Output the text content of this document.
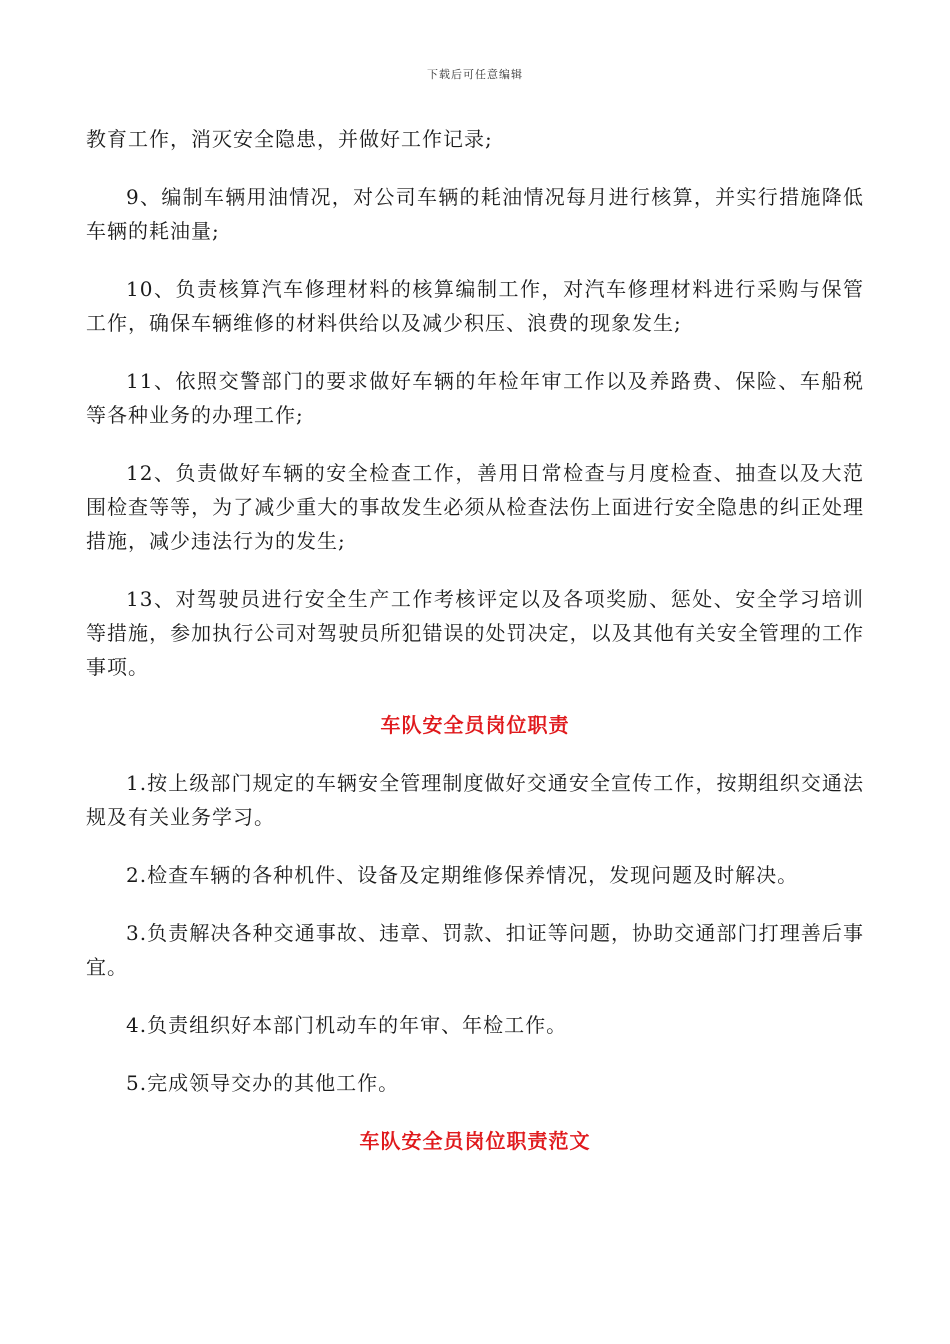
下载后可任意编辑

教育工作，消灭安全隐患，并做好工作记录;

9、编制车辆用油情况，对公司车辆的耗油情况每月进行核算，并实行措施降低车辆的耗油量;

10、负责核算汽车修理材料的核算编制工作，对汽车修理材料进行采购与保管工作，确保车辆维修的材料供给以及减少积压、浪费的现象发生;

11、依照交警部门的要求做好车辆的年检年审工作以及养路费、保险、车船税等各种业务的办理工作;

12、负责做好车辆的安全检查工作，善用日常检查与月度检查、抽查以及大范围检查等等，为了减少重大的事故发生必须从检查法伤上面进行安全隐患的纠正处理措施，减少违法行为的发生;

13、对驾驶员进行安全生产工作考核评定以及各项奖励、惩处、安全学习培训等措施，参加执行公司对驾驶员所犯错误的处罚决定，以及其他有关安全管理的工作事项。

车队安全员岗位职责

1.按上级部门规定的车辆安全管理制度做好交通安全宣传工作，按期组织交通法规及有关业务学习。

2.检查车辆的各种机件、设备及定期维修保养情况，发现问题及时解决。

3.负责解决各种交通事故、违章、罚款、扣证等问题，协助交通部门打理善后事宜。

4.负责组织好本部门机动车的年审、年检工作。

5.完成领导交办的其他工作。

车队安全员岗位职责范文
